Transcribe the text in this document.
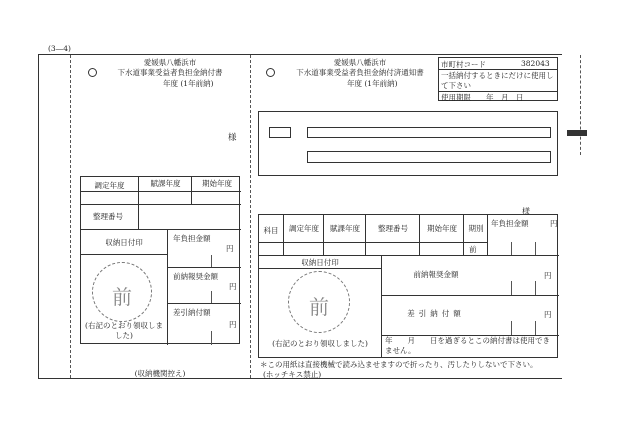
(3―4)
愛媛県八幡浜市
下水道事業受益者負担金納付書
年度 (1年前納)
様
調定年度	賦課年度	期始年度
整理番号
収納日付印	年負担金額
円
前納報奨金額
円
差引納付額
円
(右記のとおり領収しました)
前
(収納機関控え)
愛媛県八幡浜市
下水道事業受益者負担金納付済通知書
年度 (1年前納)
市町村コード	382043
一括納付するときにだけに使用して下さい
使用期限　　年　月　日
様
科目	調定年度	賦課年度	整理番号	期始年度	期別
年負担金額	円
前
収納日付印
前納報奨金額	円
差引納付額	円
年　　月　　日を過ぎるとこの納付書は使用できません。
(右記のとおり領収しました)
前
＊この用紙は直接機械で読み込ませますので折ったり、汚したりしないで下さい。
(ホッチキス禁止)
